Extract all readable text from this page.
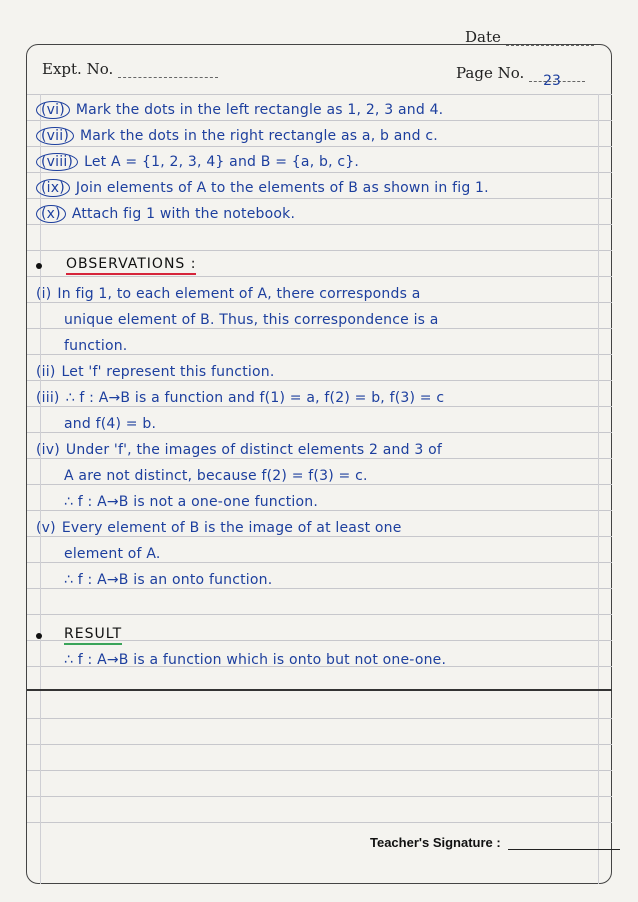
Date
Expt. No.	Page No. 23
(vi) Mark the dots in the left rectangle as 1, 2, 3 and 4.
(vii) Mark the dots in the right rectangle as a, b and c.
(viii) Let A = {1, 2, 3, 4} and B = {a, b, c}.
(ix) Join elements of A to the elements of B as shown in fig 1.
(x) Attach fig 1 with the notebook.
OBSERVATIONS :
(i) In fig 1, to each element of A, there corresponds a
unique element of B. Thus, this correspondence is a
function.
(ii) Let 'f' represent this function.
(iii) ∴ f : A→B is a function and f(1) = a, f(2) = b, f(3) = c
and f(4) = b.
(iv) Under 'f', the images of distinct elements 2 and 3 of
A are not distinct, because f(2) = f(3) = c.
∴ f : A→B is not a one-one function.
(v) Every element of B is the image of at least one
element of A.
∴ f : A→B is an onto function.
RESULT
∴ f : A→B is a function which is onto but not one-one.
Teacher's Signature :
